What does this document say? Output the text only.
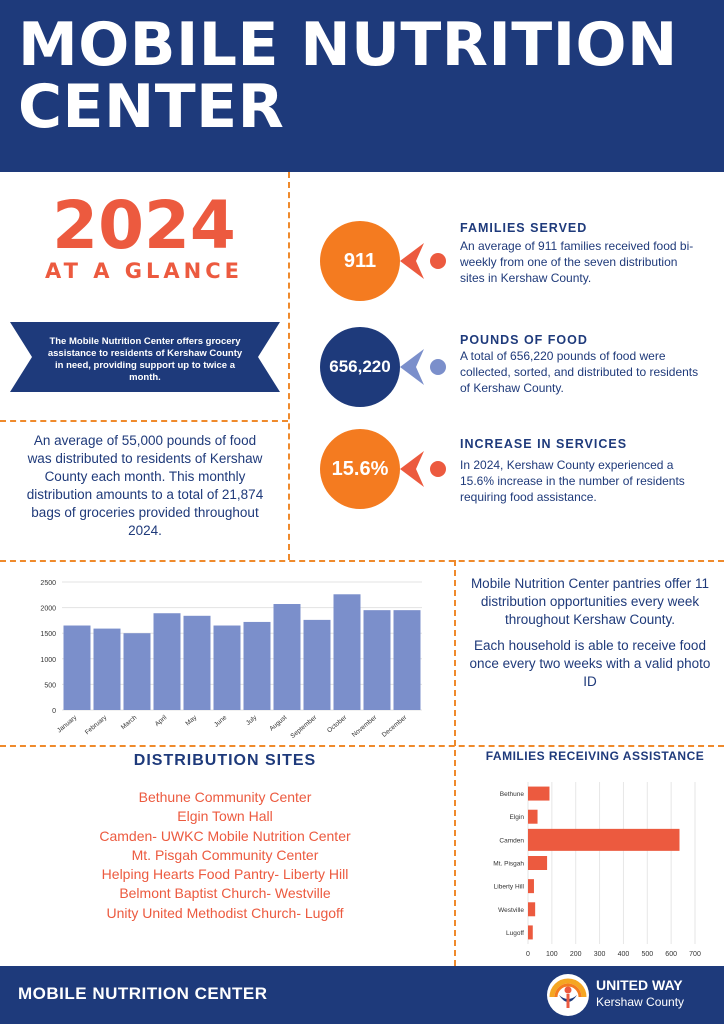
MOBILE NUTRITION CENTER
2024
AT A GLANCE
The Mobile Nutrition Center offers grocery assistance to residents of Kershaw County in need, providing support up to twice a month.
An average of 55,000 pounds of food was distributed to residents of Kershaw County each month. This monthly distribution amounts to a total of 21,874 bags of groceries provided throughout 2024.
911
FAMILIES SERVED
An average of 911 families received food bi-weekly from one of the seven distribution sites in Kershaw County.
656,220
POUNDS OF FOOD
A total of 656,220 pounds of food were collected, sorted, and distributed to residents of Kershaw County.
15.6%
INCREASE IN SERVICES
In 2024, Kershaw County experienced a 15.6% increase in the number of residents requiring food assistance.
0
500
1000
1500
2000
2500
January February March April May June	July August September October November December

Mobile Nutrition Center pantries offer 11 distribution opportunities every week throughout Kershaw County.

Each household is able to receive food once every two weeks with a valid photo ID

DISTRIBUTION SITES
Bethune Community Center
Elgin Town Hall
Camden- UWKC Mobile Nutrition Center
Mt. Pisgah Community Center
Helping Hearts Food Pantry- Liberty Hill
Belmont Baptist Church- Westville
Unity United Methodist Church- Lugoff
FAMILIES RECEIVING ASSISTANCE
0 100 200 300 400 500 600 700
Bethune
Elgin
Camden
Mt. Pisgah
Liberty Hill
Westville
Lugoff
MOBILE NUTRITION CENTER	UNITED WAY
Kershaw County
